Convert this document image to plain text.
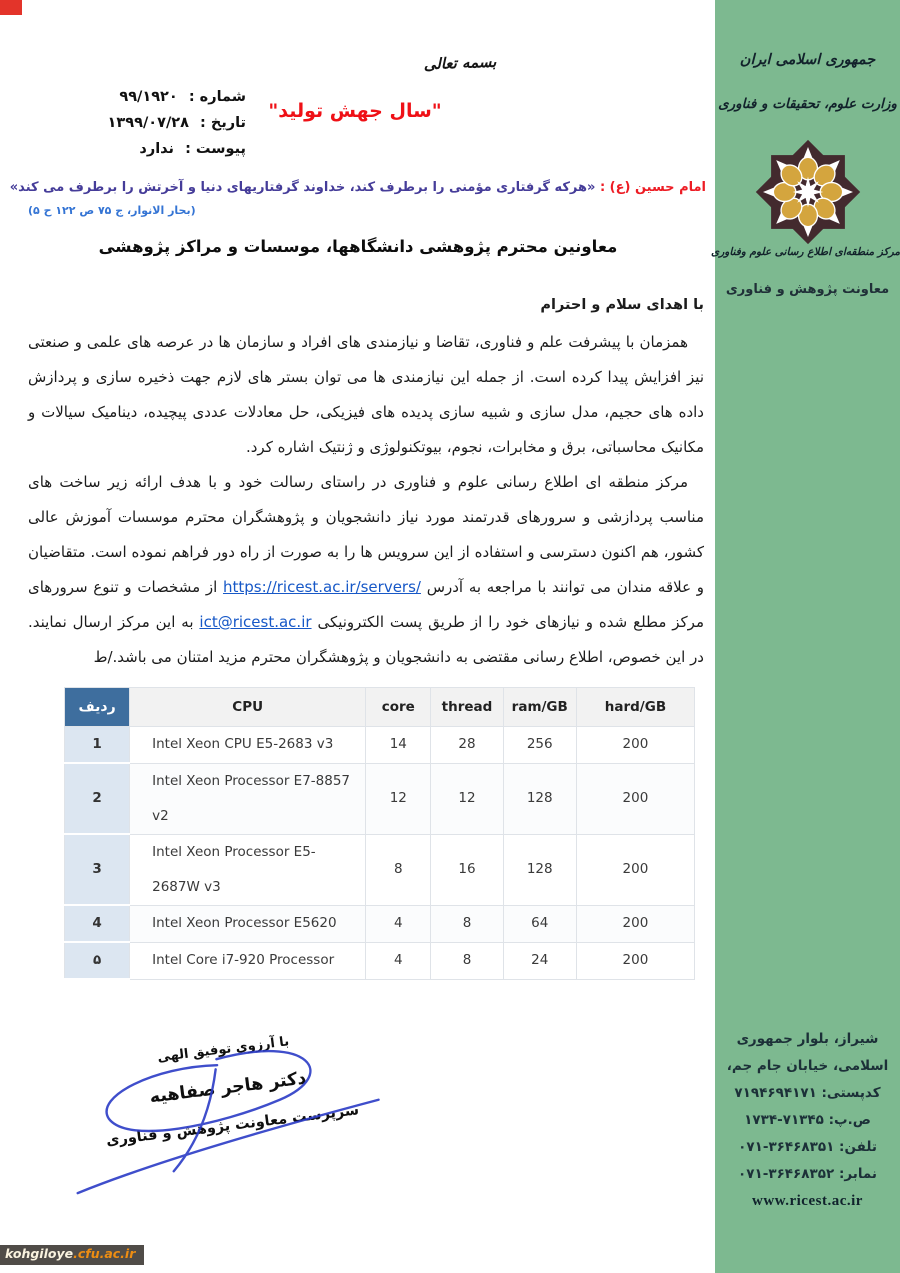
بسمه تعالی
شماره : ۹۹/۱۹۲۰
تاریخ : ۱۳۹۹/۰۷/۲۸
پیوست : ندارد
"سال جهش تولید"
امام حسین (ع) : «هرکه گرفتاری مؤمنی را برطرف کند، خداوند گرفتاریهای دنیا و آخرتش را برطرف می کند»
(بحار الانوار، ج ۷۵ ص ۱۲۲ ح ۵)
معاونین محترم پژوهشی دانشگاهها، موسسات و مراکز پژوهشی
با اهدای سلام و احترام

همزمان با پیشرفت علم و فناوری، تقاضا و نیازمندی های افراد و سازمان ها در عرصه های علمی و صنعتی نیز افزایش پیدا کرده است. از جمله این نیازمندی ها می توان بستر های لازم جهت ذخیره سازی و پردازش داده های حجیم، مدل سازی و شبیه سازی پدیده های فیزیکی، حل معادلات عددی پیچیده، دینامیک سیالات و مکانیک محاسباتی، برق و مخابرات، نجوم، بیوتکنولوژی و ژنتیک اشاره کرد.

مرکز منطقه ای اطلاع رسانی علوم و فناوری در راستای رسالت خود و با هدف ارائه زیر ساخت های مناسب پردازشی و سرورهای قدرتمند مورد نیاز دانشجویان و پژوهشگران محترم موسسات آموزش عالی کشور، هم اکنون دسترسی و استفاده از این سرویس ها را به صورت از راه دور فراهم نموده است. متقاضیان و علاقه مندان می توانند با مراجعه به آدرس https://ricest.ac.ir/servers/ از مشخصات و تنوع سرورهای مرکز مطلع شده و نیازهای خود را از طریق پست الکترونیکی ict@ricest.ac.ir به این مرکز ارسال نمایند. در این خصوص، اطلاع رسانی مقتضی به دانشجویان و پژوهشگران محترم مزید امتنان می باشد./ط

ردیف	CPU	core	thread	ram/GB	hard/GB
1	Intel Xeon CPU E5-2683 v3	14	28	256	200
2	Intel Xeon Processor E7-8857 v2	12	12	128	200
3	Intel Xeon Processor E5-2687W v3	8	16	128	200
4	Intel Xeon Processor E5620	4	8	64	200
۵	Intel Core i7-920 Processor	4	8	24	200
با آرزوی توفیق الهی
دکتر هاجر صفاهیه
سرپرست معاونت پژوهش و فناوری
kohgiloye.cfu.ac.ir
جمهوری اسلامی ایران
وزارت علوم، تحقیقات و فناوری
مرکز منطقه‌ای اطلاع رسانی علوم وفناوری
معاونت پژوهش و فناوری
شیراز، بلوار جمهوری
اسلامی، خیابان جام جم،
کدپستی: ۷۱۹۴۶۹۴۱۷۱
ص.پ: ۷۱۳۴۵-۱۷۳۴
تلفن: ۳۶۴۶۸۳۵۱-۰۷۱
نمابر: ۳۶۴۶۸۳۵۲-۰۷۱
www.ricest.ac.ir
